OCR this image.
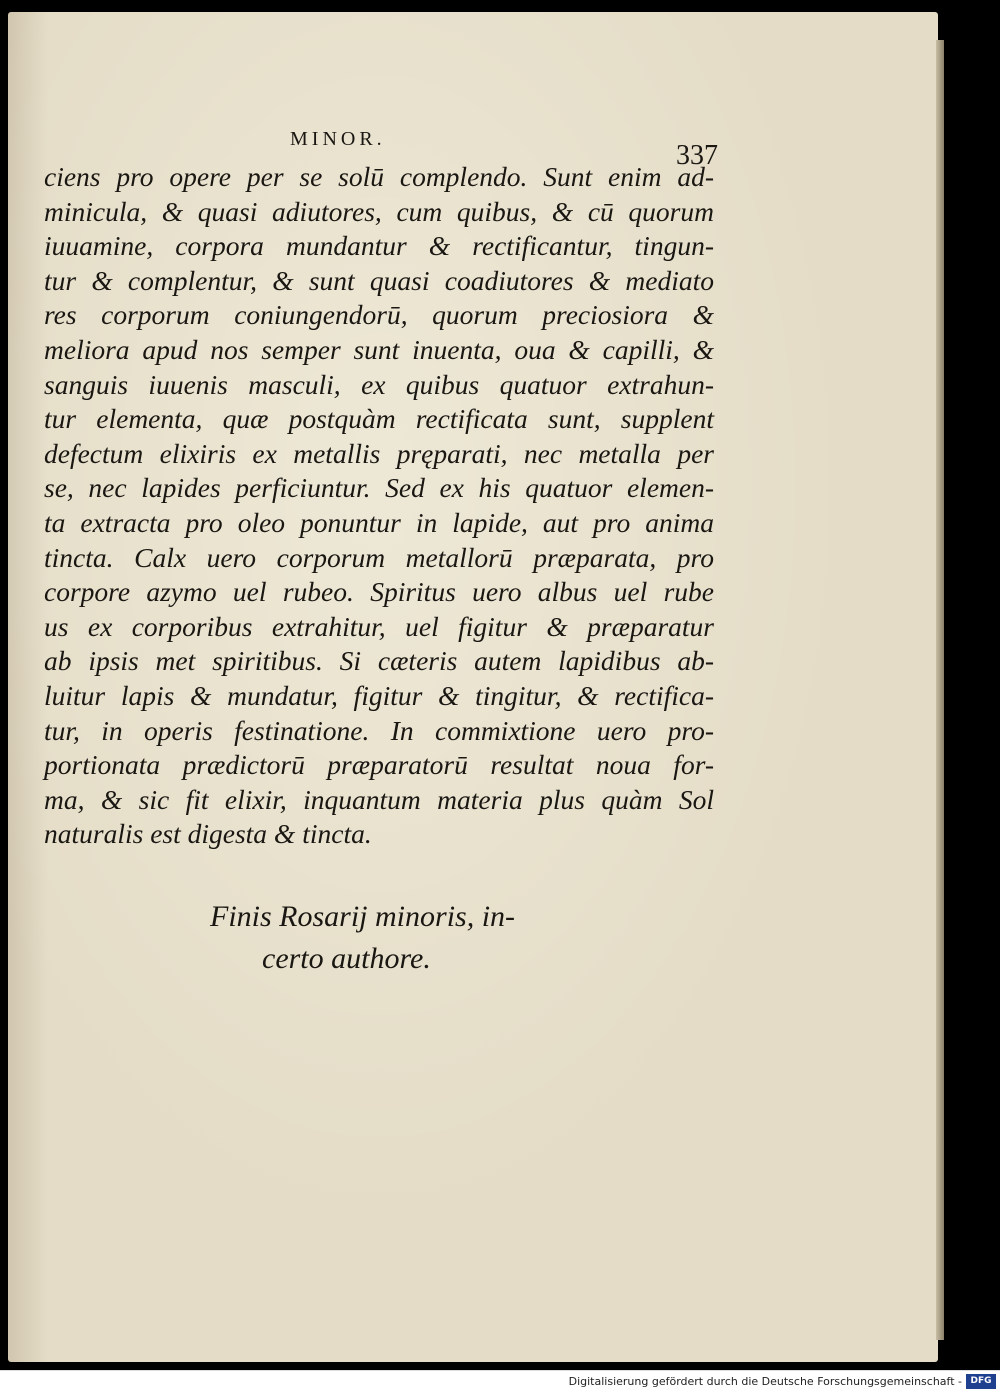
MINOR.
337
ciens pro opere per se solū complendo. Sunt enim ad-
minicula, & quasi adiutores, cum quibus, & cū quorum
iuuamine, corpora mundantur & rectificantur, tingun-
tur & complentur, & sunt quasi coadiutores & mediato
res corporum coniungendorū, quorum preciosiora &
meliora apud nos semper sunt inuenta, oua & capilli, &
sanguis iuuenis masculi, ex quibus quatuor extrahun-
tur elementa, quæ postquàm rectificata sunt, supplent
defectum elixiris ex metallis pręparati, nec metalla per
se, nec lapides perficiuntur. Sed ex his quatuor elemen-
ta extracta pro oleo ponuntur in lapide, aut pro anima
tincta. Calx uero corporum metallorū præparata, pro
corpore azymo uel rubeo. Spiritus uero albus uel rube
us ex corporibus extrahitur, uel figitur & præparatur
ab ipsis met spiritibus. Si cæteris autem lapidibus ab-
luitur lapis & mundatur, figitur & tingitur, & rectifica-
tur, in operis festinatione. In commixtione uero pro-
portionata prædictorū præparatorū resultat noua for-
ma, & sic fit elixir, inquantum materia plus quàm Sol
naturalis est digesta & tincta.
Finis Rosarij minoris, in-
certo authore.
Digitalisierung gefördert durch die Deutsche Forschungsgemeinschaft - DFG
